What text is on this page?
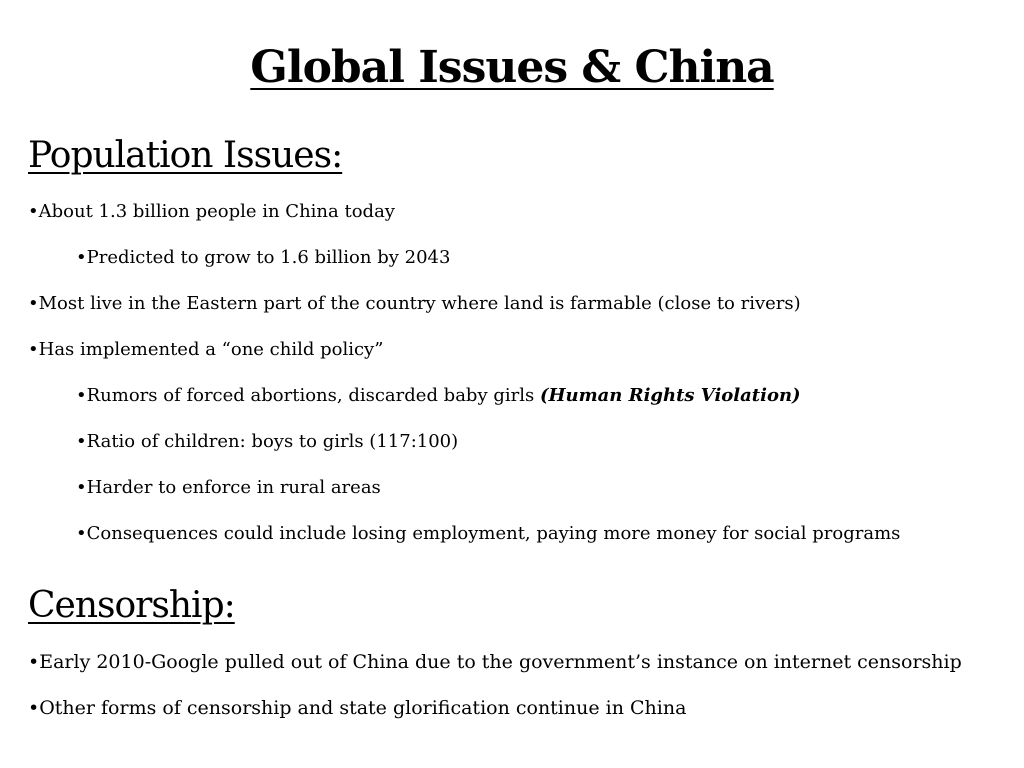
Global Issues & China
Population Issues:
•About 1.3 billion people in China today
•Predicted to grow to 1.6 billion by 2043
•Most live in the Eastern part of the country where land is farmable (close to rivers)
•Has implemented a “one child policy”
•Rumors of forced abortions, discarded baby girls (Human Rights Violation)
•Ratio of children: boys to girls (117:100)
•Harder to enforce in rural areas
•Consequences could include losing employment, paying more money for social programs
Censorship:
•Early 2010-Google pulled out of China due to the government’s instance on internet censorship
•Other forms of censorship and state glorification continue in China
